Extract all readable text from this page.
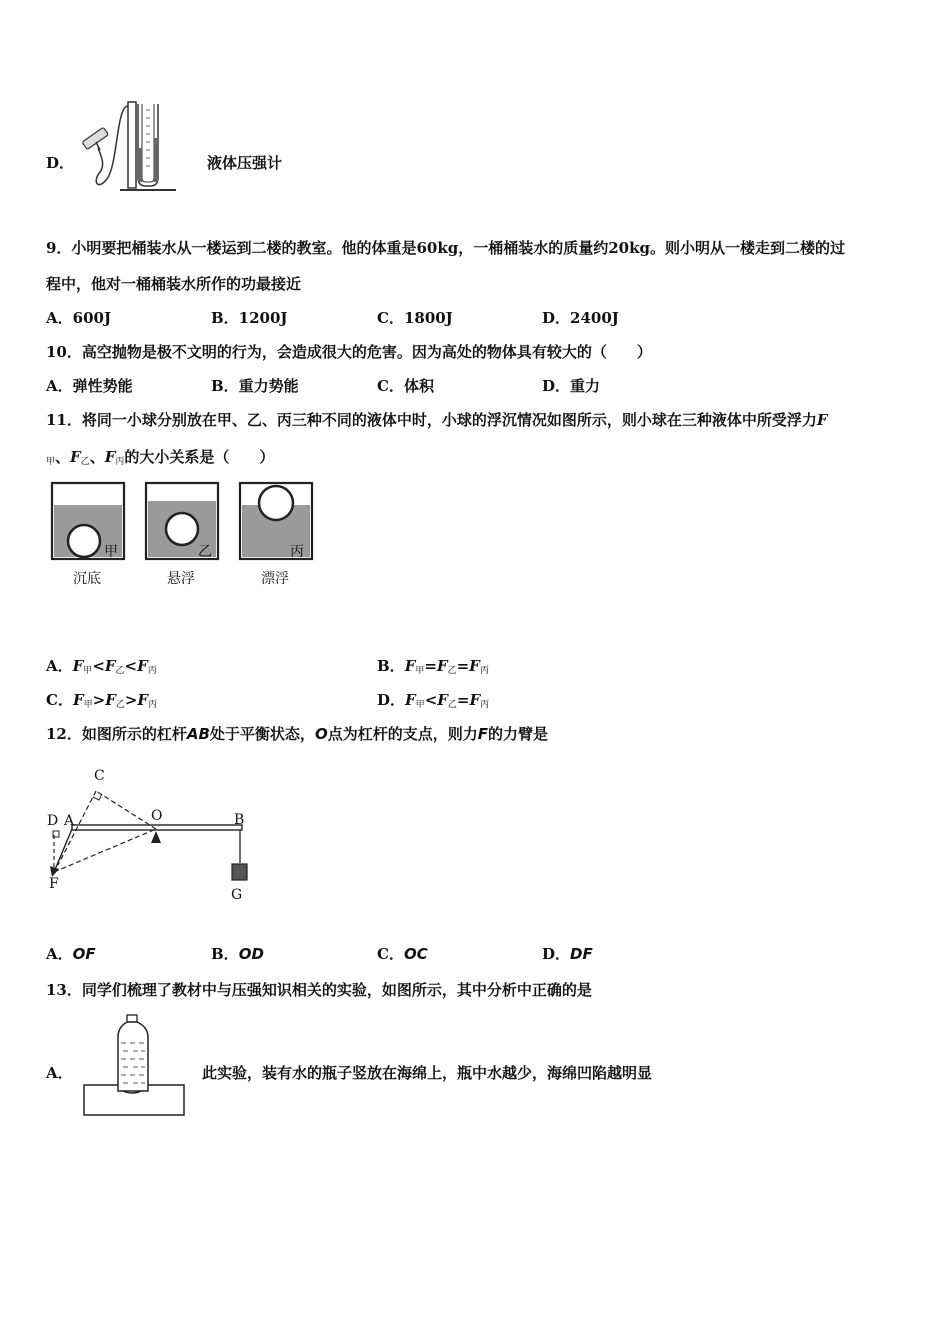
D．	液体压强计
9．小明要把桶装水从一楼运到二楼的教室。他的体重是60kg，一桶桶装水的质量约20kg。则小明从一楼走到二楼的过
程中，他对一桶桶装水所作的功最接近
A．600J	B．1200J	C．1800J	D．2400J
10．高空抛物是极不文明的行为，会造成很大的危害。因为高处的物体具有较大的（　　）
A．弹性势能	B．重力势能	C．体积	D．重力
11．将同一小球分别放在甲、乙、丙三种不同的液体中时，小球的浮沉情况如图所示，则小球在三种液体中所受浮力F
$_甲$、$F_乙$、$F_丙$的大小关系是（　　）
甲	乙	丙
沉底	悬浮	漂浮
A．$F_甲<F_乙<F_丙$	B．$F_甲=F_乙=F_丙$
C．$F_甲>F_乙>F_丙$	D．$F_甲<F_乙=F_丙$
12．如图所示的杠杆AB处于平衡状态，O点为杠杆的支点，则力F的力臂是
C
D A	O	B
F
G
A．OF	B．OD	C．OC	D．DF
13．同学们梳理了教材中与压强知识相关的实验，如图所示，其中分析中正确的是
A．	此实验，装有水的瓶子竖放在海绵上，瓶中水越少，海绵凹陷越明显
